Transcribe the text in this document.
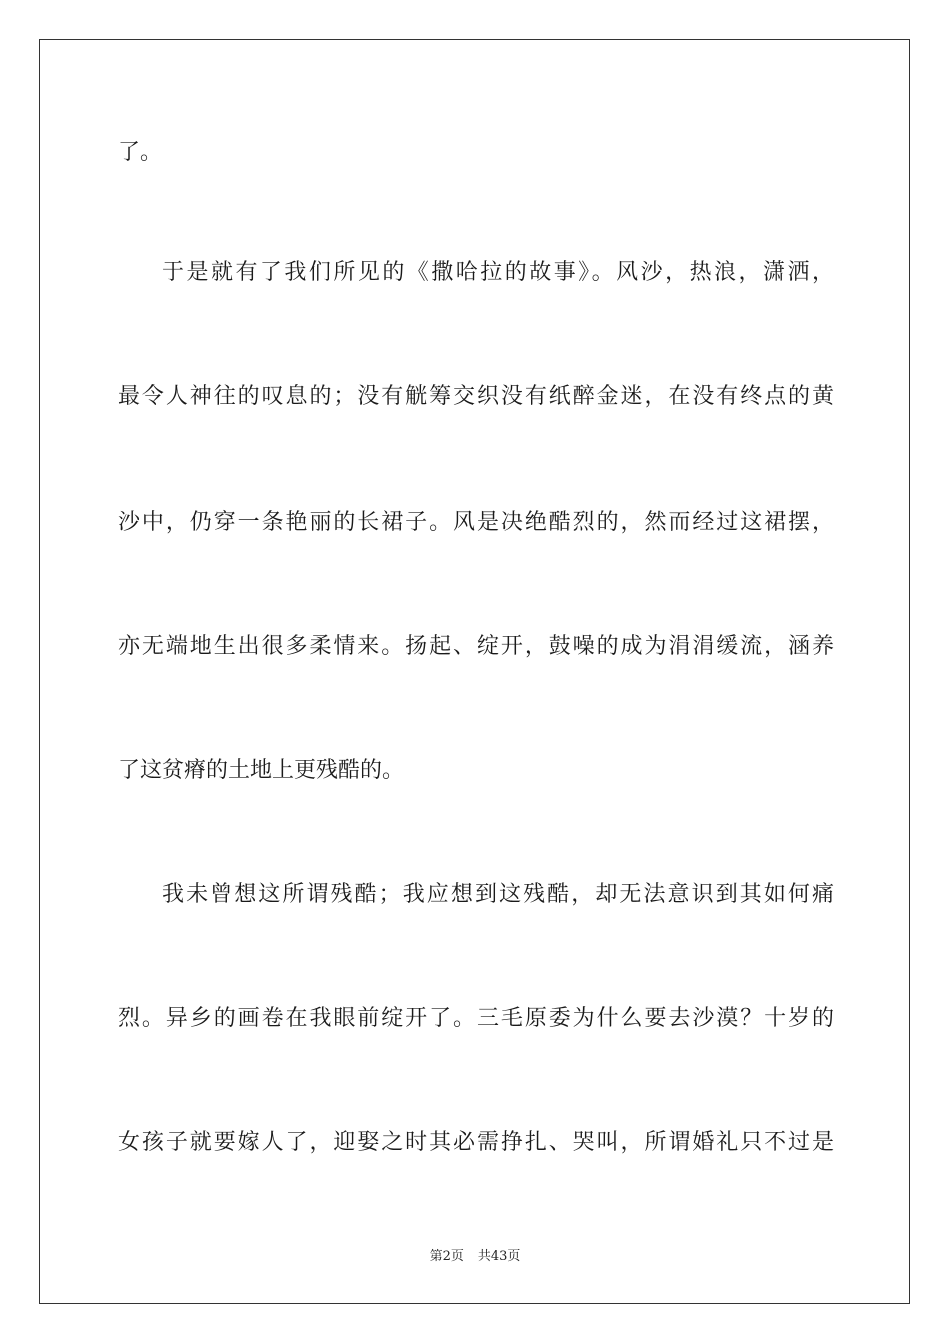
了。
于是就有了我们所见的《撒哈拉的故事》。风沙，热浪，潇洒，
最令人神往的叹息的；没有觥筹交织没有纸醉金迷，在没有终点的黄
沙中，仍穿一条艳丽的长裙子。风是决绝酷烈的，然而经过这裙摆，
亦无端地生出很多柔情来。扬起、绽开，鼓噪的成为涓涓缓流，涵养
了这贫瘠的土地上更残酷的。
我未曾想这所谓残酷；我应想到这残酷，却无法意识到其如何痛
烈。异乡的画卷在我眼前绽开了。三毛原委为什么要去沙漠？十岁的
女孩子就要嫁人了，迎娶之时其必需挣扎、哭叫，所谓婚礼只不过是
第2页 共43页
